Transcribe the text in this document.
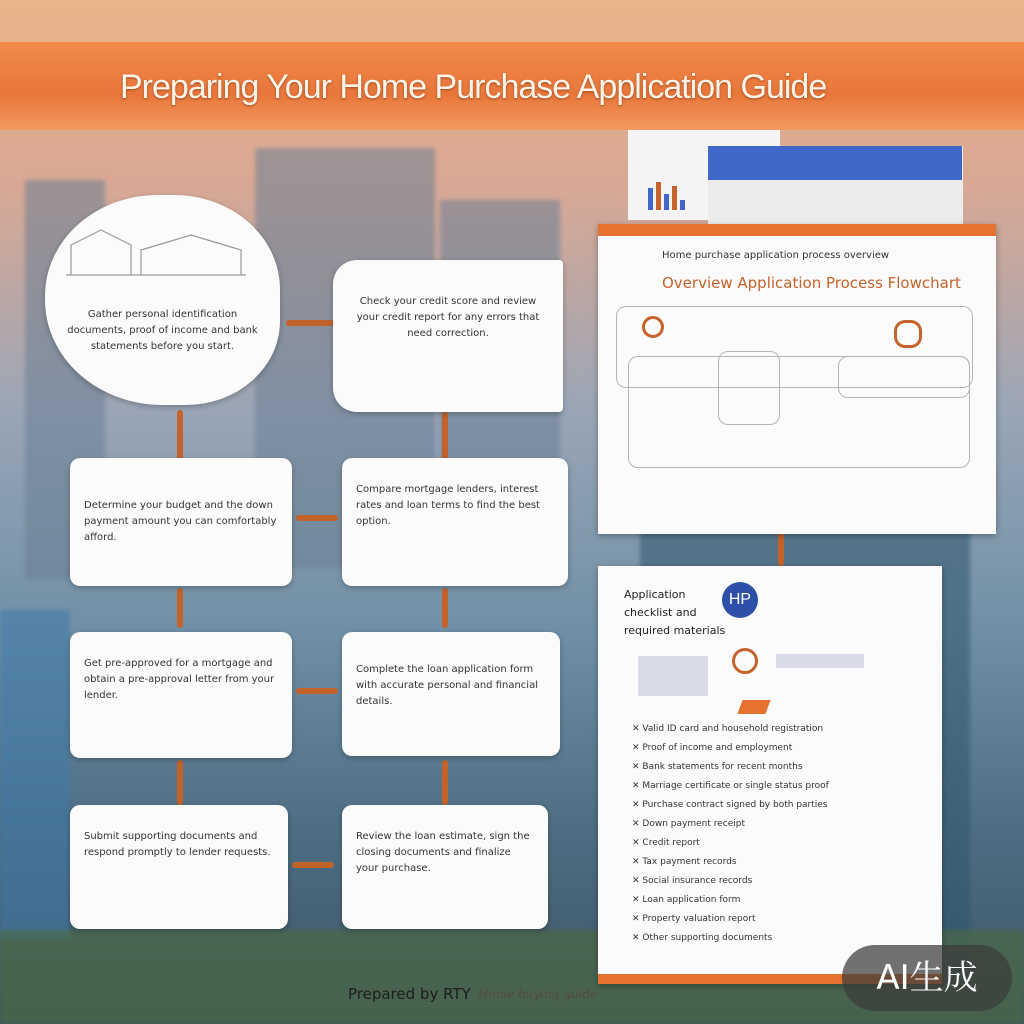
Preparing Your Home Purchase Application Guide
Gather personal identification documents, proof of income and bank statements before you start.
Check your credit score and review your credit report for any errors that need correction.
Determine your budget and the down payment amount you can comfortably afford.
Compare mortgage lenders, interest rates and loan terms to find the best option.
Get pre-approved for a mortgage and obtain a pre-approval letter from your lender.
Complete the loan application form with accurate personal and financial details.
Submit supporting documents and respond promptly to lender requests.
Review the loan estimate, sign the closing documents and finalize your purchase.
Home purchase application process overview
Overview Application Process Flowchart
Application checklist and required materials
✕ Valid ID card and household registration
✕ Proof of income and employment
✕ Bank statements for recent months
✕ Marriage certificate or single status proof
✕ Purchase contract signed by both parties
✕ Down payment receipt
✕ Credit report
✕ Tax payment records
✕ Social insurance records
✕ Loan application form
✕ Property valuation report
✕ Other supporting documents
HP
Prepared by RTY Home buying guide	AI生成
